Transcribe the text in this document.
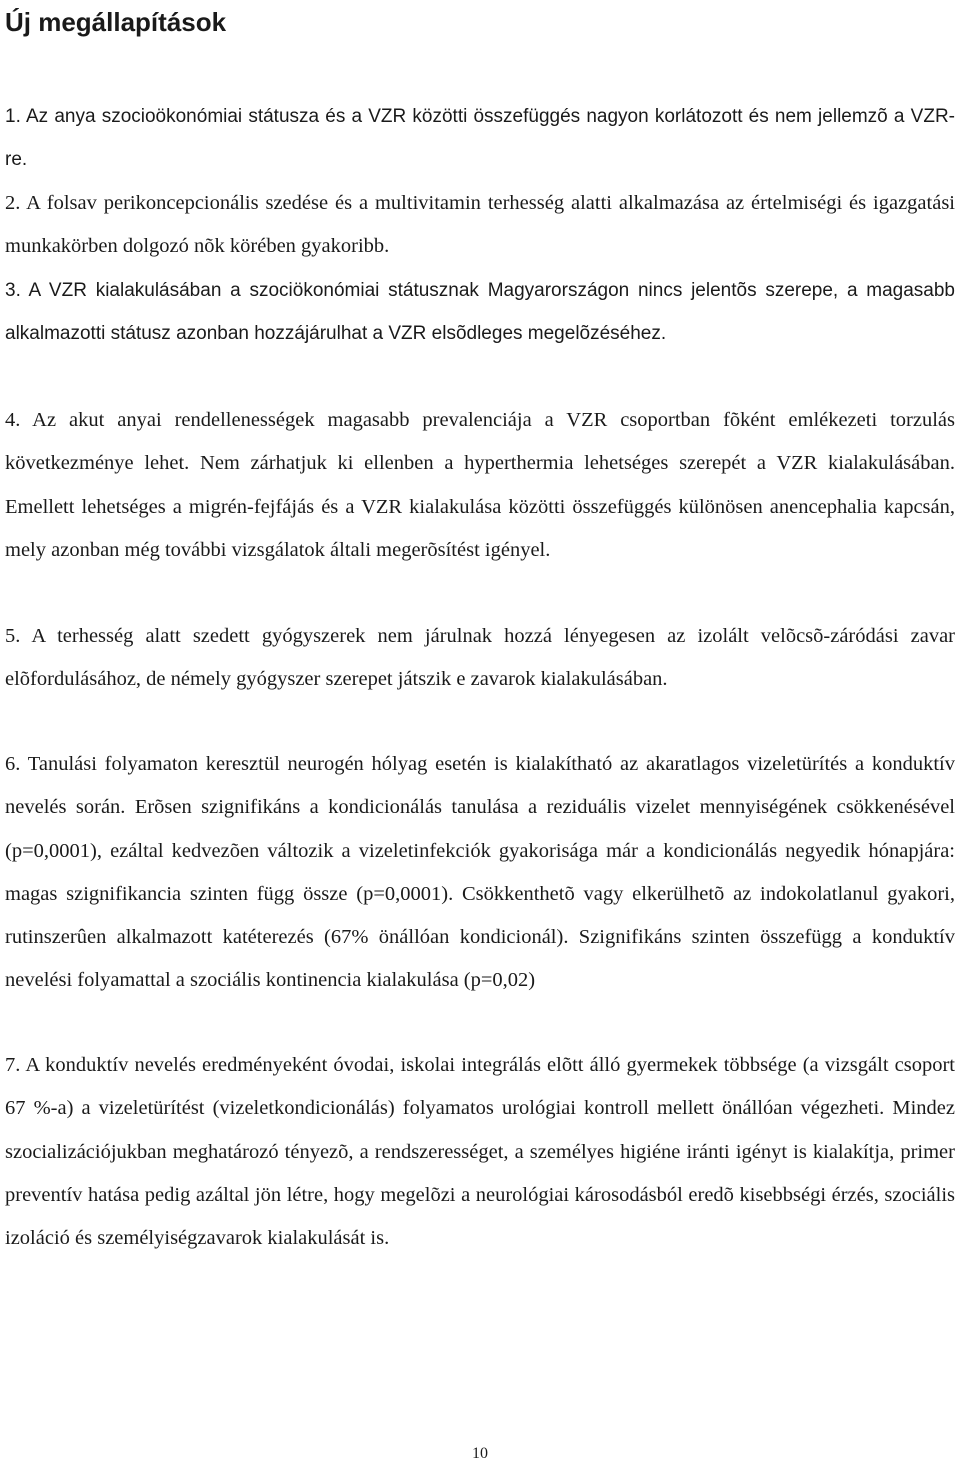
Új megállapítások

1. Az anya szocioökonómiai státusza és a VZR közötti összefüggés nagyon korlátozott és nem jellemzõ a VZR-re.

2. A folsav perikoncepcionális szedése és a multivitamin terhesség alatti alkalmazása az értelmiségi és igazgatási munkakörben dolgozó nõk körében gyakoribb.

3. A VZR kialakulásában a szociökonómiai státusznak Magyarországon nincs jelentõs szerepe, a magasabb alkalmazotti státusz azonban hozzájárulhat a VZR elsõdleges megelõzéséhez.

4. Az akut anyai rendellenességek magasabb prevalenciája a VZR csoportban fõként emlékezeti torzulás következménye lehet. Nem zárhatjuk ki ellenben a hyperthermia lehetséges szerepét a VZR kialakulásában. Emellett lehetséges a migrén-fejfájás és a VZR kialakulása közötti összefüggés különösen anencephalia kapcsán, mely azonban még további vizsgálatok általi megerõsítést igényel.

5. A terhesség alatt szedett gyógyszerek nem járulnak hozzá lényegesen az izolált velõcsõ-záródási zavar elõfordulásához, de némely gyógyszer szerepet játszik e zavarok kialakulásában.

6. Tanulási folyamaton keresztül neurogén hólyag esetén is kialakítható az akaratlagos vizeletürítés a konduktív nevelés során. Erõsen szignifikáns a kondicionálás tanulása a reziduális vizelet mennyiségének csökkenésével (p=0,0001), ezáltal kedvezõen változik a vizeletinfekciók gyakorisága már a kondicionálás negyedik hónapjára: magas szignifikancia szinten függ össze (p=0,0001). Csökkenthetõ vagy elkerülhetõ az indokolatlanul gyakori, rutinszerûen alkalmazott katéterezés (67% önállóan kondicionál). Szignifikáns szinten összefügg a konduktív nevelési folyamattal a szociális kontinencia kialakulása (p=0,02)

7. A konduktív nevelés eredményeként óvodai, iskolai integrálás elõtt álló gyermekek többsége (a vizsgált csoport 67 %-a) a vizeletürítést (vizeletkondicionálás) folyamatos urológiai kontroll mellett önállóan végezheti. Mindez szocializációjukban meghatározó tényezõ, a rendszerességet, a személyes higiéne iránti igényt is kialakítja, primer preventív hatása pedig azáltal jön létre, hogy megelõzi a neurológiai károsodásból eredõ kisebbségi érzés, szociális izoláció és személyiségzavarok kialakulását is.

10
